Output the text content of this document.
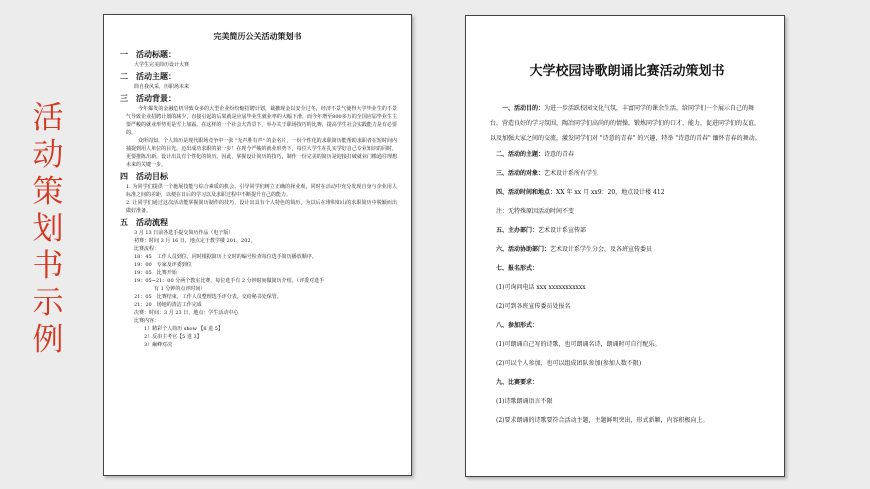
活
动
策
划
书
示
例
完美简历公关活动策划书
一　活动标题：
大学生完美简历设计大赛
二　活动主题：
简自我风采，历职场未来
三　活动背景：

今年爆发的金融危机导致众多的大型企业纷纷缩招聘计划，裁撤现金以安全过冬，经济不景气使得大学毕业生的不景气导致企业招聘计划的减少，直接引起的后果就是应届毕业生就业率的大幅下滑，而今年增至800多万的全国应届毕业生主要严峻的就业形势更是雪上加霜。在这样的一个社会大背景下，举办关于职场技巧的比赛，提高学生社会实践能力是有必要的。

众所周知，个人简历是现代职场竞争中一张 "无声胜有声" 的金名片，一份个性化的求职简历能帮助求职者在短时间内捕捉到用人单位的目光，迈出成功求职的第一步！在现今严峻的就业形势下，每位大学生在扎实学好自己专业知识的同时，更要推陈出新，设计出具有个性化的简历。因此，掌握设计简历的技巧，制作一份完美的简历是迎接打破就业门槛通往理想未来的关键一步。

四　活动目标

1. 为同学们提供一个施展技能与综合素质的机会，引导同学们树立正确的择业观，同时在活动中充分发现自身与企业用人标准之间的差距，以便在日后的学习以及求职过程中不断提升自己的能力。

2. 让同学们通过这次活动能掌握简历制作的技巧，设计出具有个人特色的简历，为以后在堆积如山的求职简历中脱颖而出做好准备。

五　活动流程
3 月 13 日前各选手提交简历作品（电子版）
初赛：时间 3 月 16 日，地点定于教学楼 201、202。
比赛流程：
18：45　工作人员到位，同时根据简历上交时的编号检查每位选手简历播放顺序。
19：00　专家及评委到位
19：05　比赛开始
19：05~21：00 分两个教室比赛，每位选手有 2 分钟时间做简历介绍。（评委对选手
　　　　有 1 分钟的点评时间）
21：05　比赛结束，工作人员整理选手评分表，交给秘书处保管。
21：20　场地的清洁工作完成
决赛：时间：3 月 23 日，地点：学生活动中心
比赛内容：
　　1）精彩个人简历 show 【8 进 5】
　　2）反串主考官【5 进 3】
　　3）巅峰对决
大学校园诗歌朗诵比赛活动策划书

一、活动目的：为进一步活跃校园文化气氛，丰富同学的课余生活，给同学们一个展示自己的舞台，营造良好的学习氛围，陶冶同学们高尚的的情操，锻炼同学们的口才、能力，促进同学们的友谊，以及加强大家之间的交流，激发同学们对 "诗意的青春" 的兴趣，特举 "诗意的青春" 缅怀青春的舞动。

二、活动的主题：诗意的青春
三、活动的对象：艺术设计系所有学生
四、活动时间和地点：XX 年 xx 月 xx9：20，地点设计楼 412
注：无特殊原因活动时间不变
五、主办部门：艺术设计系宣传部
六、活动协助部门：艺术设计系学生分会，及各班宣传委员
七、报名形式：
(1)可询问电话 xxx xxxxxxxxxxx
(2)可到各班宣传委员处报名
八、参加形式：
(1)可朗诵自己写的诗歌，也可朗诵名诗，朗诵时可自行配乐。
(2)可以个人参加，也可以组成团队参加(参加人数不限)
九、比赛要求：
(1)诗歌朗诵语言不限

(2)要求朗诵的诗歌要符合活动主题，主题鲜明突出，形式新颖，内容积极向上。
